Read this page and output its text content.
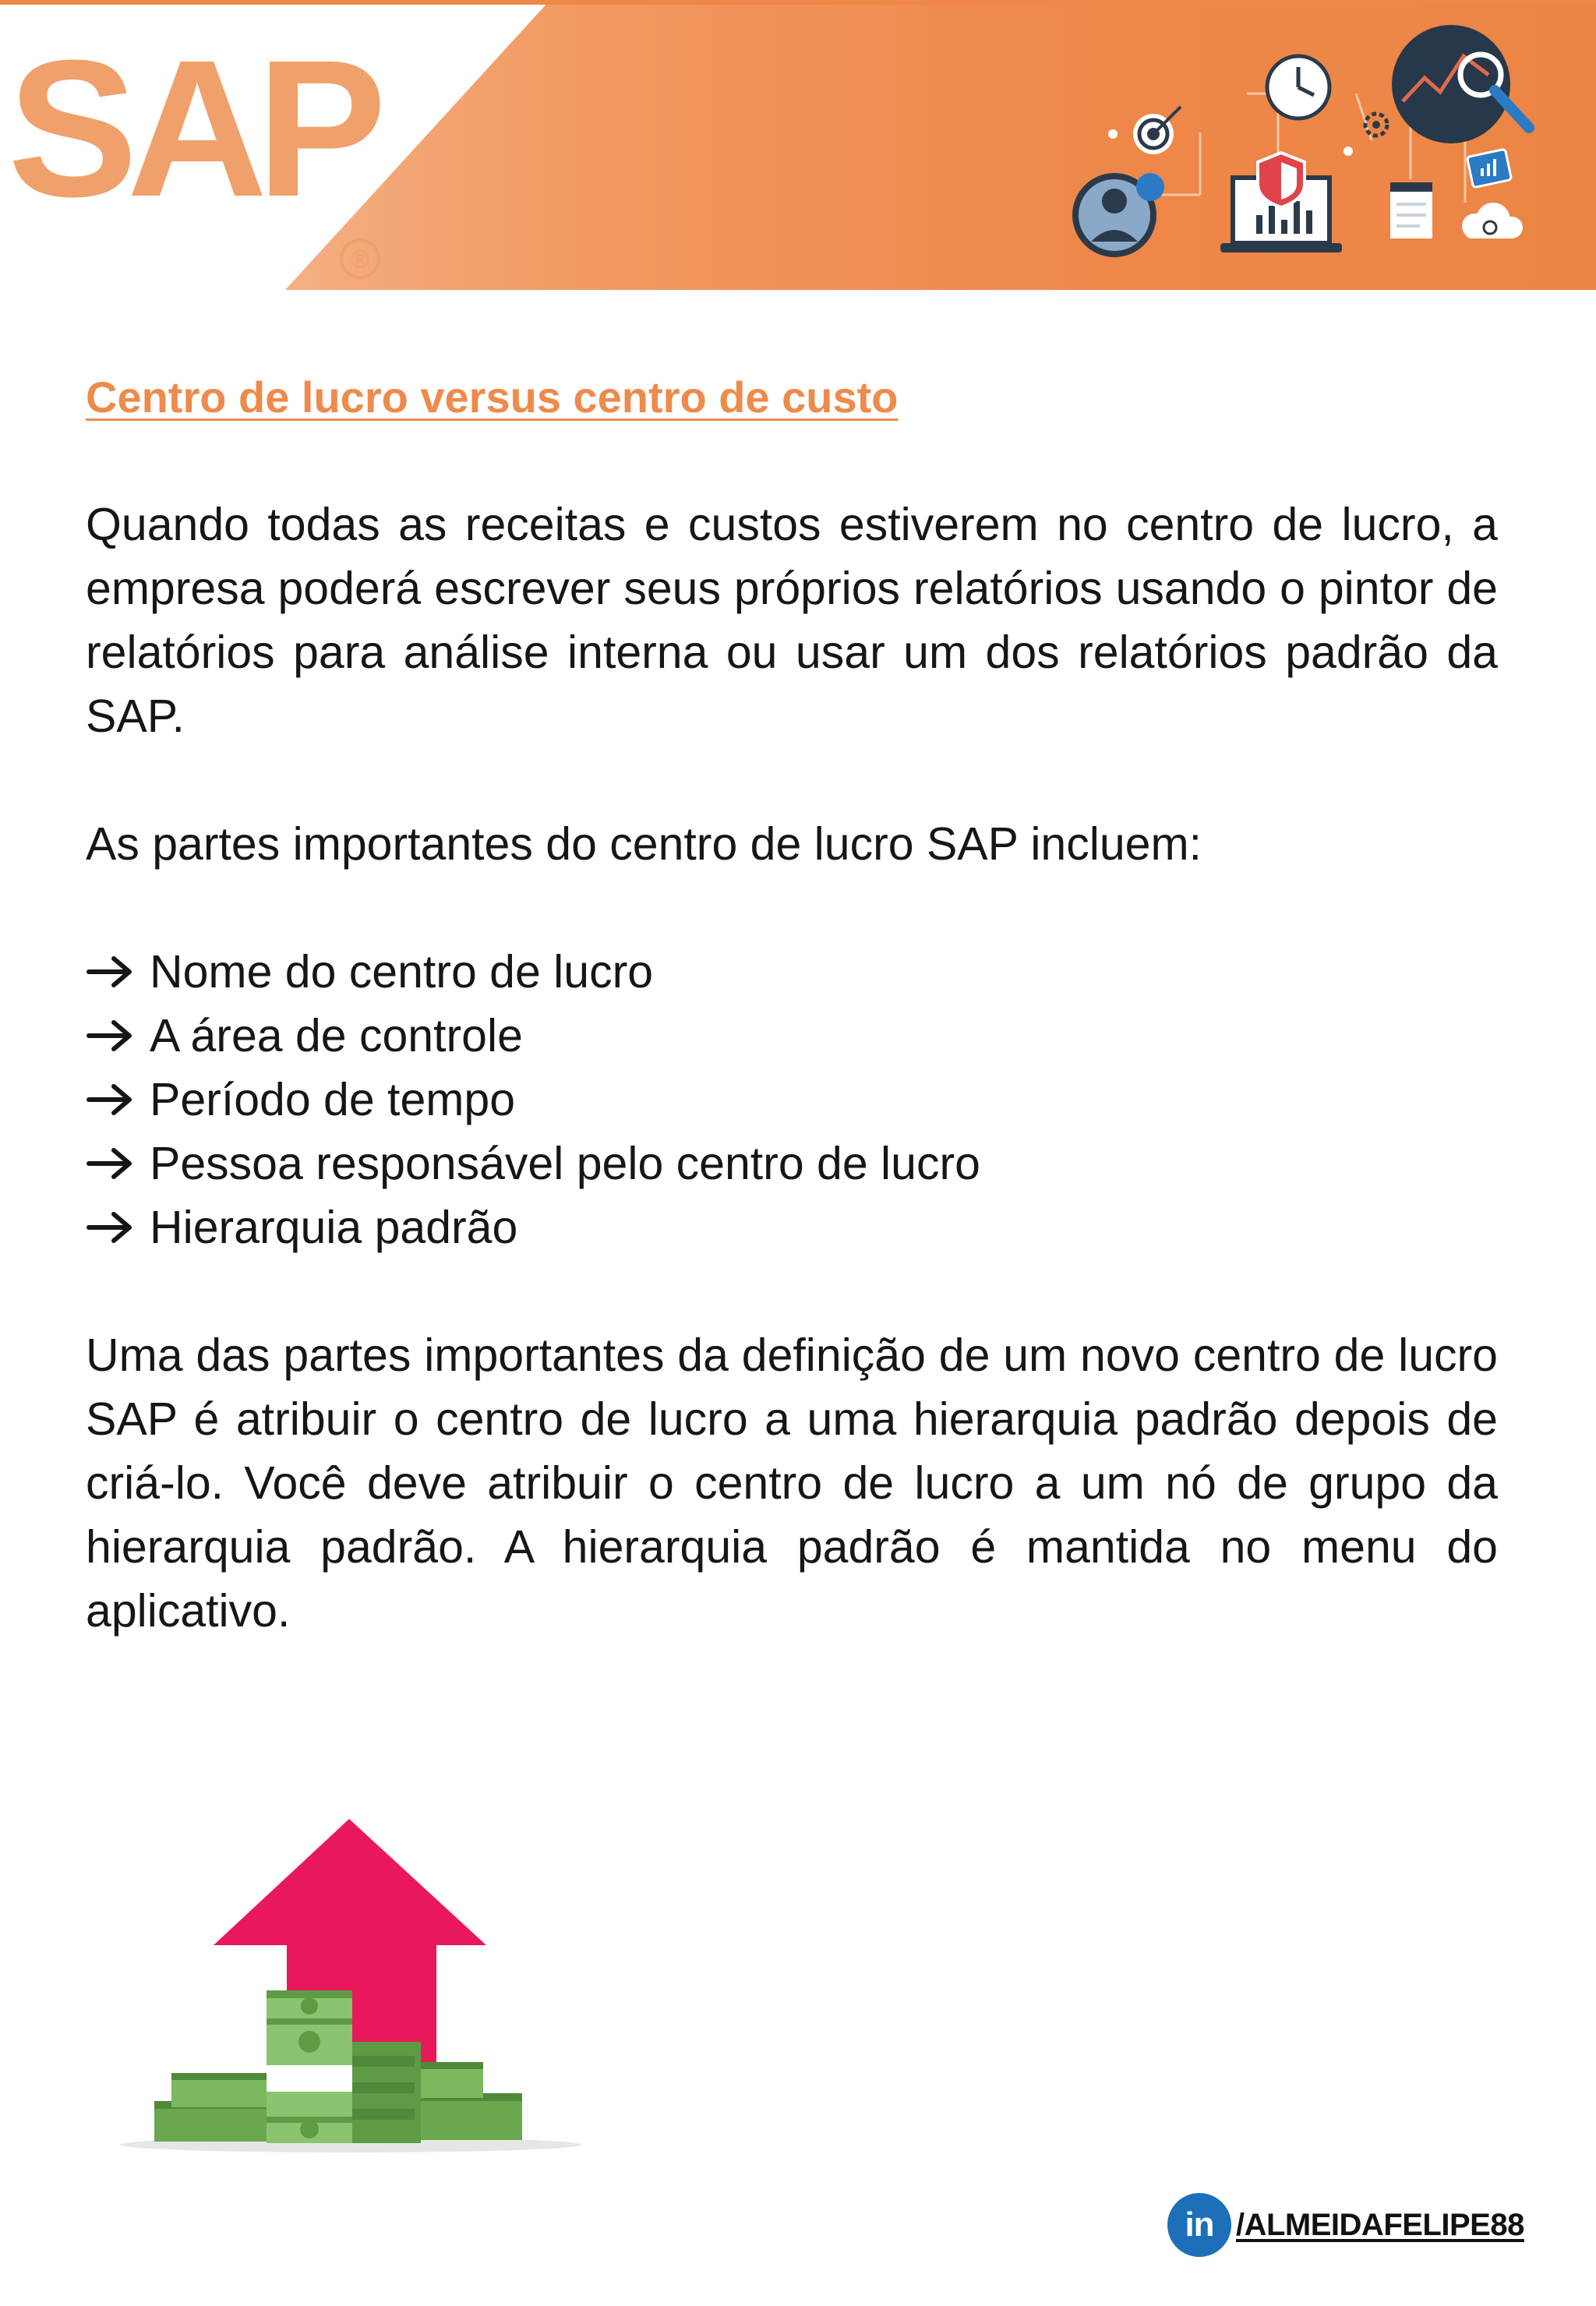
SAP
®
Centro de lucro versus centro de custo

Quando todas as receitas e custos estiverem no centro de lucro, a empresa poderá escrever seus próprios relatórios usando o pintor de relatórios para análise interna ou usar um dos relatórios padrão da SAP.

As partes importantes do centro de lucro SAP incluem:

Nome do centro de lucro
A área de controle
Período de tempo
Pessoa responsável pelo centro de lucro
Hierarquia padrão

Uma das partes importantes da definição de um novo centro de lucro SAP é atribuir o centro de lucro a uma hierarquia padrão depois de criá-lo. Você deve atribuir o centro de lucro a um nó de grupo da hierarquia padrão. A hierarquia padrão é mantida no menu do aplicativo.

in /ALMEIDAFELIPE88
